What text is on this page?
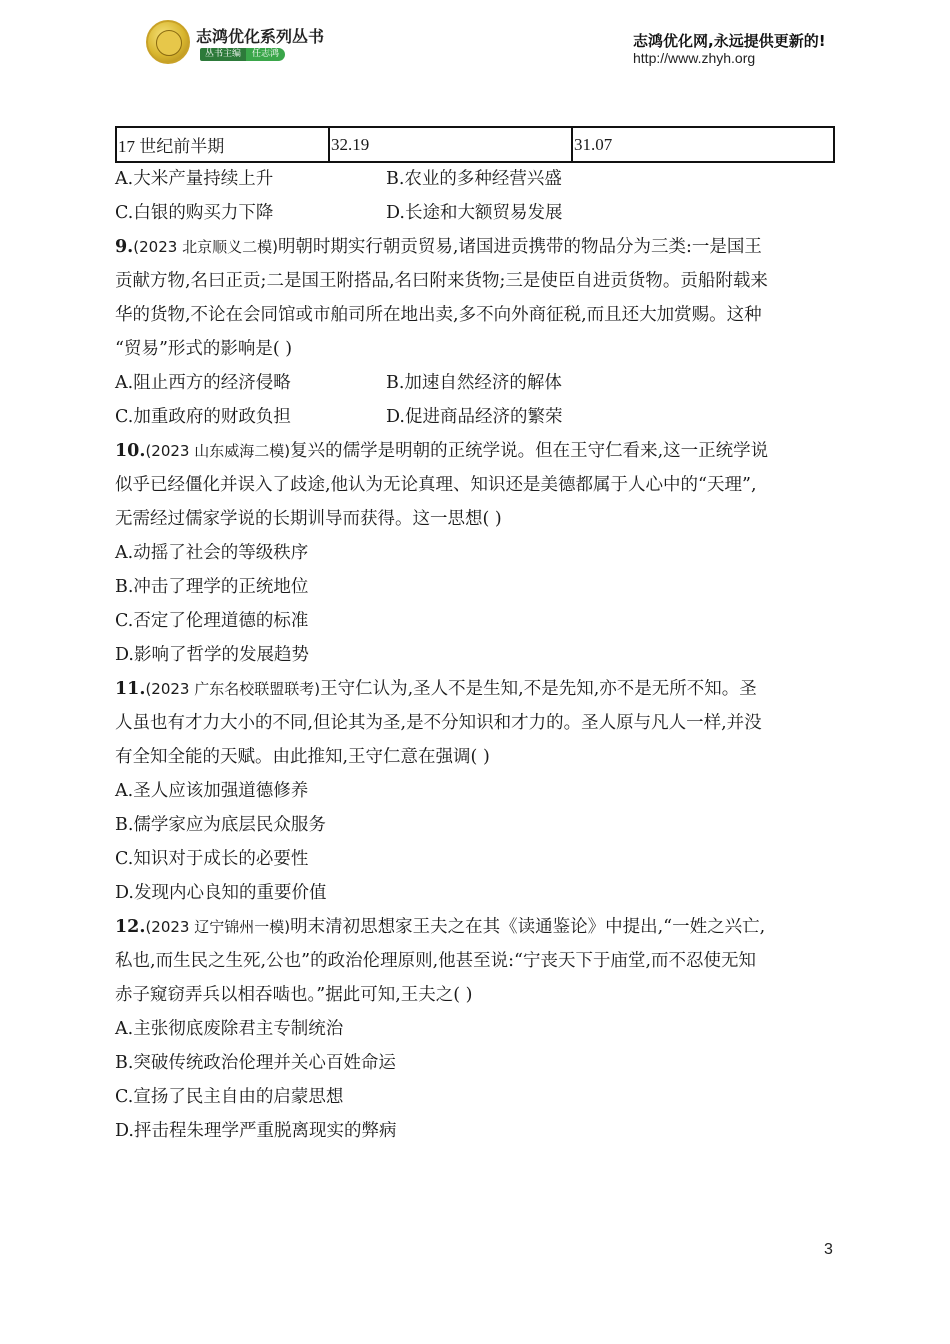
志鸿优化系列丛书
丛书主编	任志鸿
志鸿优化网,永远提供更新的!
http://www.zhyh.org
17 世纪前半期	32.19	31.07
A.大米产量持续上升	B.农业的多种经营兴盛
C.白银的购买力下降	D.长途和大额贸易发展
9.(2023 北京顺义二模)明朝时期实行朝贡贸易,诸国进贡携带的物品分为三类:一是国王
贡献方物,名曰正贡;二是国王附搭品,名曰附来货物;三是使臣自进贡货物。贡船附载来
华的货物,不论在会同馆或市舶司所在地出卖,多不向外商征税,而且还大加赏赐。这种
“贸易”形式的影响是( )
A.阻止西方的经济侵略	B.加速自然经济的解体
C.加重政府的财政负担	D.促进商品经济的繁荣
10.(2023 山东威海二模)复兴的儒学是明朝的正统学说。但在王守仁看来,这一正统学说
似乎已经僵化并误入了歧途,他认为无论真理、知识还是美德都属于人心中的“天理”,
无需经过儒家学说的长期训导而获得。这一思想( )
A.动摇了社会的等级秩序
B.冲击了理学的正统地位
C.否定了伦理道德的标准
D.影响了哲学的发展趋势
11.(2023 广东名校联盟联考)王守仁认为,圣人不是生知,不是先知,亦不是无所不知。圣
人虽也有才力大小的不同,但论其为圣,是不分知识和才力的。圣人原与凡人一样,并没
有全知全能的天赋。由此推知,王守仁意在强调( )
A.圣人应该加强道德修养
B.儒学家应为底层民众服务
C.知识对于成长的必要性
D.发现内心良知的重要价值
12.(2023 辽宁锦州一模)明末清初思想家王夫之在其《读通鉴论》中提出,“一姓之兴亡,
私也,而生民之生死,公也”的政治伦理原则,他甚至说:“宁丧天下于庙堂,而不忍使无知
赤子窥窃弄兵以相吞啮也。”据此可知,王夫之( )
A.主张彻底废除君主专制统治
B.突破传统政治伦理并关心百姓命运
C.宣扬了民主自由的启蒙思想
D.抨击程朱理学严重脱离现实的弊病
3
